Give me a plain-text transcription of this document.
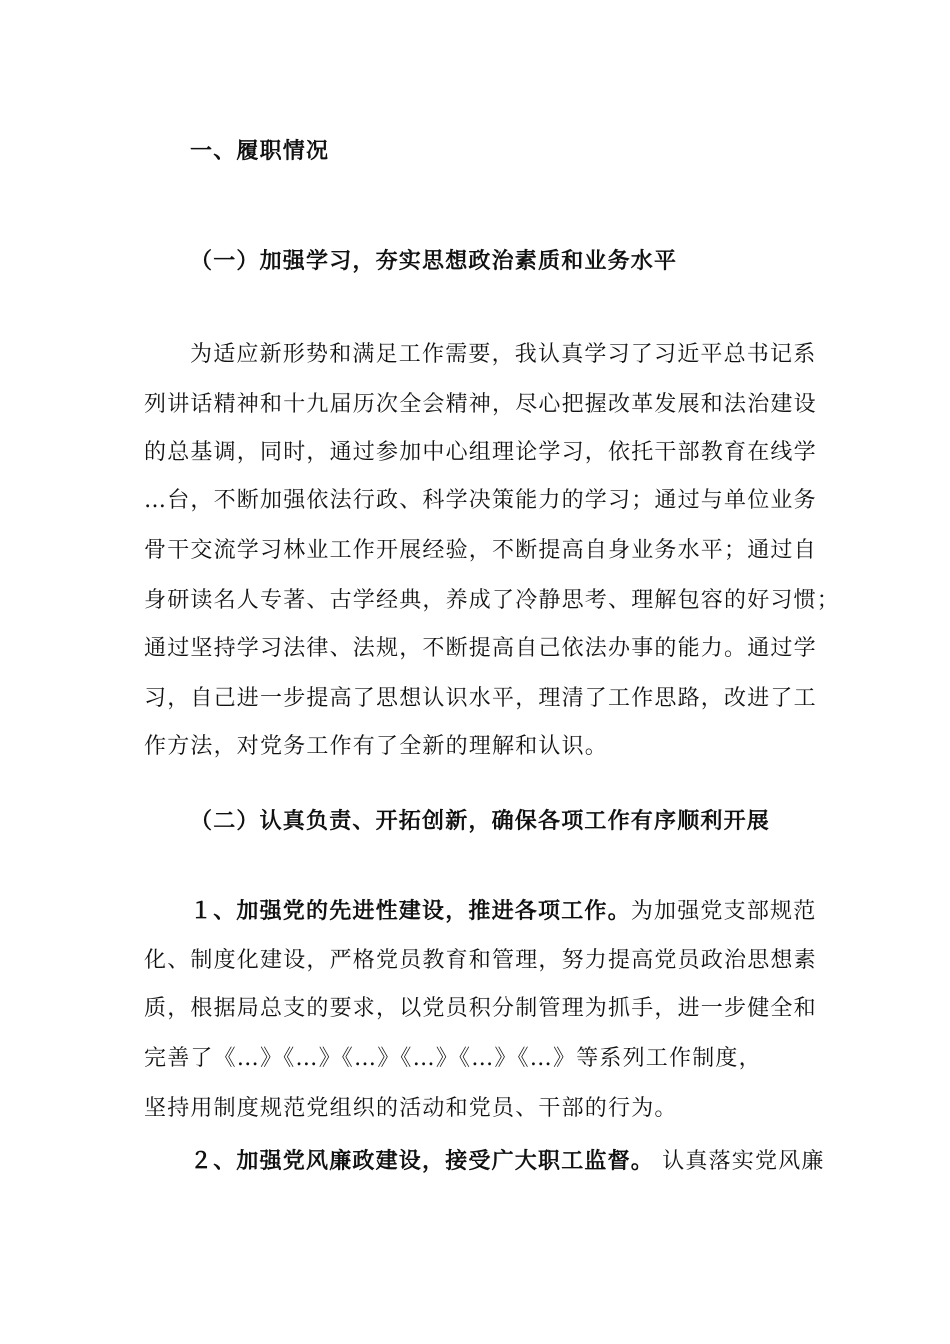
一、履职情况
（一）加强学习，夯实思想政治素质和业务水平
为适应新形势和满足工作需要，我认真学习了习近平总书记系
列讲话精神和十九届历次全会精神，尽心把握改革发展和法治建设
的总基调，同时，通过参加中心组理论学习，依托干部教育在线学
…台，不断加强依法行政、科学决策能力的学习；通过与单位业务
骨干交流学习林业工作开展经验，不断提高自身业务水平；通过自
身研读名人专著、古学经典，养成了冷静思考、理解包容的好习惯；
通过坚持学习法律、法规，不断提高自己依法办事的能力。通过学
习，自己进一步提高了思想认识水平，理清了工作思路，改进了工
作方法，对党务工作有了全新的理解和认识。
（二）认真负责、开拓创新，确保各项工作有序顺利开展
１、加强党的先进性建设，推进各项工作。为加强党支部规范
化、制度化建设，严格党员教育和管理，努力提高党员政治思想素
质，根据局总支的要求，以党员积分制管理为抓手，进一步健全和
完善了《…》《…》《…》《…》《…》《…》等系列工作制度，
坚持用制度规范党组织的活动和党员、干部的行为。
２、加强党风廉政建设，接受广大职工监督。 认真落实党风廉
